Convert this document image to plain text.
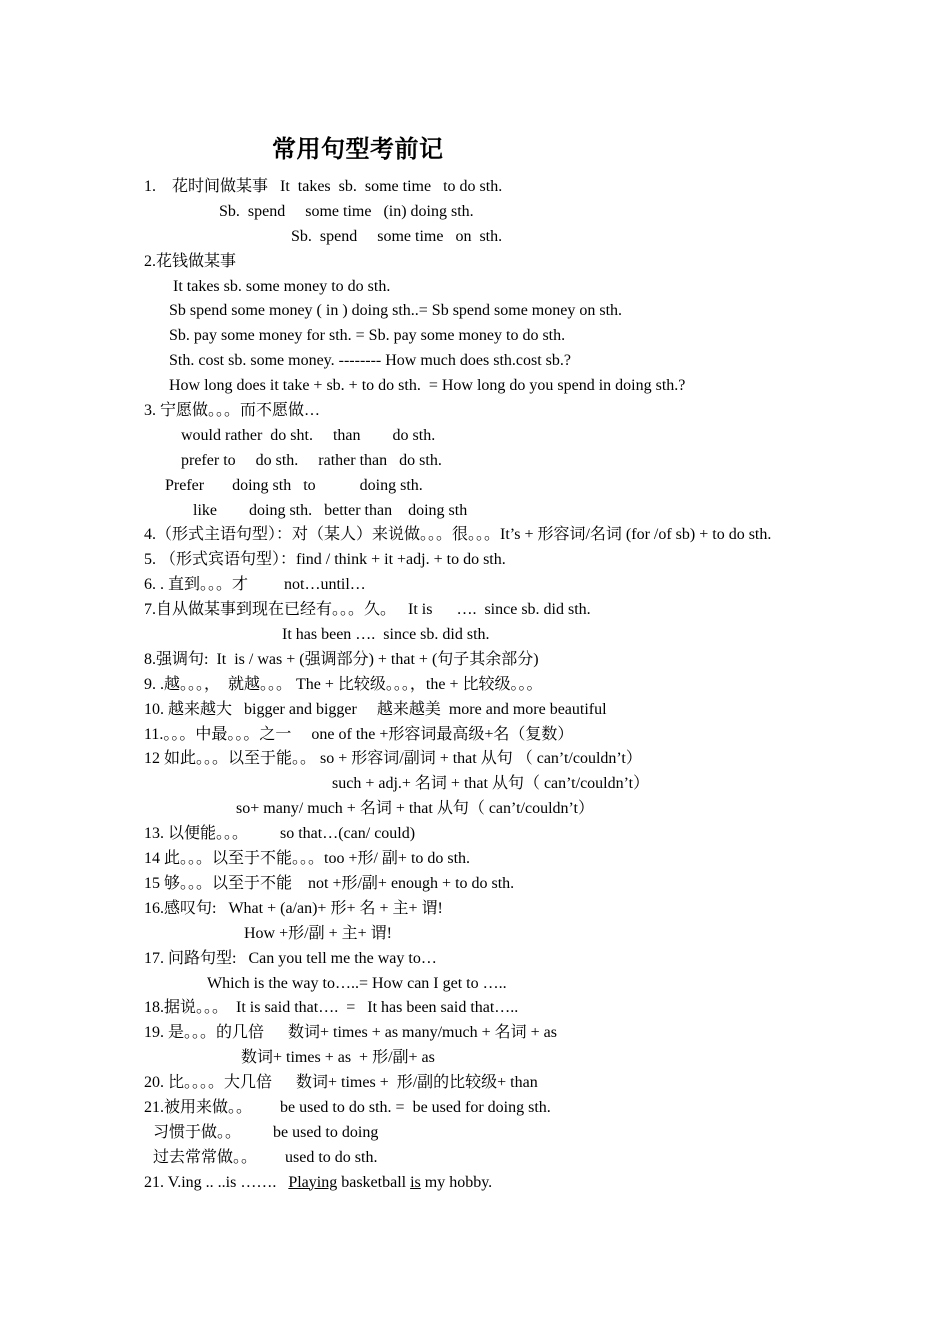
常用句型考前记
1.    花时间做某事   It  takes  sb.  some time   to do sth.
Sb.  spend     some time   (in) doing sth.
Sb.  spend     some time   on  sth.
2.花钱做某事
It takes sb. some money to do sth.
Sb spend some money ( in ) doing sth..= Sb spend some money on sth.
Sb. pay some money for sth. = Sb. pay some money to do sth.
Sth. cost sb. some money. -------- How much does sth.cost sb.?
How long does it take + sb. + to do sth.  = How long do you spend in doing sth.?
3. 宁愿做。。。而不愿做…
would rather  do sht.     than        do sth.
prefer to     do sth.     rather than   do sth.
Prefer       doing sth   to           doing sth.
like        doing sth.   better than    doing sth
4.（形式主语句型）：对（某人）来说做。。。很。。。It’s + 形容词/名词 (for /of sb) + to do sth.
5. （形式宾语句型）：find / think + it +adj. + to do sth.
6. . 直到。。。才         not…until…
7.自从做某事到现在已经有。。。久。   It is      ….  since sb. did sth.
It has been ….  since sb. did sth.
8.强调句:  It  is / was + (强调部分) + that + (句子其余部分)
9. .越。。。，  就越。。。 The + 比较级。。。，the + 比较级。。。
10. 越来越大   bigger and bigger     越来越美  more and more beautiful
11.。。。中最。。。之一     one of the +形容词最高级+名（复数）
12 如此。。。以至于能。。 so + 形容词/副词 + that 从句 （ can’t/couldn’t）
such + adj.+ 名词 + that 从句（ can’t/couldn’t）
so+ many/ much + 名词 + that 从句（ can’t/couldn’t）
13. 以便能。。。        so that…(can/ could)
14 此。。。以至于不能。。。too +形/ 副+ to do sth.
15 够。。。以至于不能    not +形/副+ enough + to do sth.
16.感叹句:   What + (a/an)+ 形+ 名 + 主+ 谓!
How +形/副 + 主+ 谓!
17. 问路句型:   Can you tell me the way to…
Which is the way to…..= How can I get to …..
18.据说。。。  It is said that….  =   It has been said that…..
19. 是。。。的几倍      数词+ times + as many/much + 名词 + as
数词+ times + as  + 形/副+ as
20. 比。。。。大几倍      数词+ times +  形/副的比较级+ than
21.被用来做。。       be used to do sth. =  be used for doing sth.
习惯于做。。        be used to doing
过去常常做。。       used to do sth.
21. V.ing .. ..is …….   Playing basketball is my hobby.
